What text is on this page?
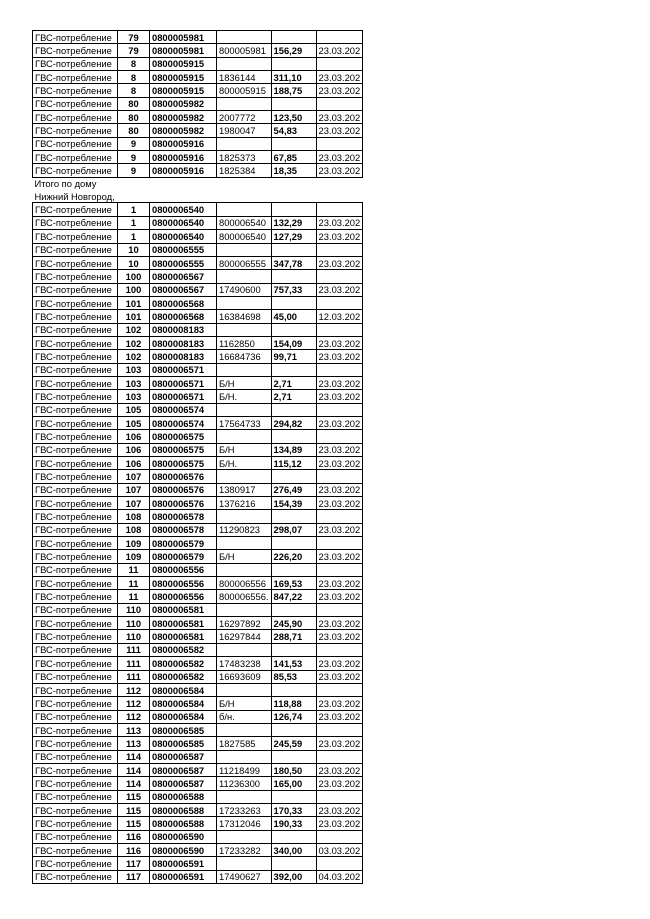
ГВС-потребление	79	0800005981			
ГВС-потребление	79	0800005981	800005981	156,29	23.03.202
ГВС-потребление	8	0800005915			
ГВС-потребление	8	0800005915	1836144	311,10	23.03.202
ГВС-потребление	8	0800005915	800005915	188,75	23.03.202
ГВС-потребление	80	0800005982			
ГВС-потребление	80	0800005982	2007772	123,50	23.03.202
ГВС-потребление	80	0800005982	1980047	54,83	23.03.202
ГВС-потребление	9	0800005916			
ГВС-потребление	9	0800005916	1825373	67,85	23.03.202
ГВС-потребление	9	0800005916	1825384	18,35	23.03.202
Итого по дому					
Нижний Новгород,					
ГВС-потребление	1	0800006540			
ГВС-потребление	1	0800006540	800006540	132,29	23.03.202
ГВС-потребление	1	0800006540	800006540	127,29	23.03.202
ГВС-потребление	10	0800006555			
ГВС-потребление	10	0800006555	800006555	347,78	23.03.202
ГВС-потребление	100	0800006567			
ГВС-потребление	100	0800006567	17490600	757,33	23.03.202
ГВС-потребление	101	0800006568			
ГВС-потребление	101	0800006568	16384698	45,00	12.03.202
ГВС-потребление	102	0800008183			
ГВС-потребление	102	0800008183	1162850	154,09	23.03.202
ГВС-потребление	102	0800008183	16684736	99,71	23.03.202
ГВС-потребление	103	0800006571			
ГВС-потребление	103	0800006571	Б/Н	2,71	23.03.202
ГВС-потребление	103	0800006571	Б/Н.	2,71	23.03.202
ГВС-потребление	105	0800006574			
ГВС-потребление	105	0800006574	17564733	294,82	23.03.202
ГВС-потребление	106	0800006575			
ГВС-потребление	106	0800006575	Б/Н	134,89	23.03.202
ГВС-потребление	106	0800006575	Б/Н.	115,12	23.03.202
ГВС-потребление	107	0800006576			
ГВС-потребление	107	0800006576	1380917	276,49	23.03.202
ГВС-потребление	107	0800006576	1376216	154,39	23.03.202
ГВС-потребление	108	0800006578			
ГВС-потребление	108	0800006578	11290823	298,07	23.03.202
ГВС-потребление	109	0800006579			
ГВС-потребление	109	0800006579	Б/Н	226,20	23.03.202
ГВС-потребление	11	0800006556			
ГВС-потребление	11	0800006556	800006556	169,53	23.03.202
ГВС-потребление	11	0800006556	800006556.	847,22	23.03.202
ГВС-потребление	110	0800006581			
ГВС-потребление	110	0800006581	16297892	245,90	23.03.202
ГВС-потребление	110	0800006581	16297844	288,71	23.03.202
ГВС-потребление	111	0800006582			
ГВС-потребление	111	0800006582	17483238	141,53	23.03.202
ГВС-потребление	111	0800006582	16693609	85,53	23.03.202
ГВС-потребление	112	0800006584			
ГВС-потребление	112	0800006584	Б/Н	118,88	23.03.202
ГВС-потребление	112	0800006584	б/н.	126,74	23.03.202
ГВС-потребление	113	0800006585			
ГВС-потребление	113	0800006585	1827585	245,59	23.03.202
ГВС-потребление	114	0800006587			
ГВС-потребление	114	0800006587	11218499	180,50	23.03.202
ГВС-потребление	114	0800006587	11236300	165,00	23.03.202
ГВС-потребление	115	0800006588			
ГВС-потребление	115	0800006588	17233263	170,33	23.03.202
ГВС-потребление	115	0800006588	17312046	190,33	23.03.202
ГВС-потребление	116	0800006590			
ГВС-потребление	116	0800006590	17233282	340,00	03.03.202
ГВС-потребление	117	0800006591			
ГВС-потребление	117	0800006591	17490627	392,00	04.03.202
